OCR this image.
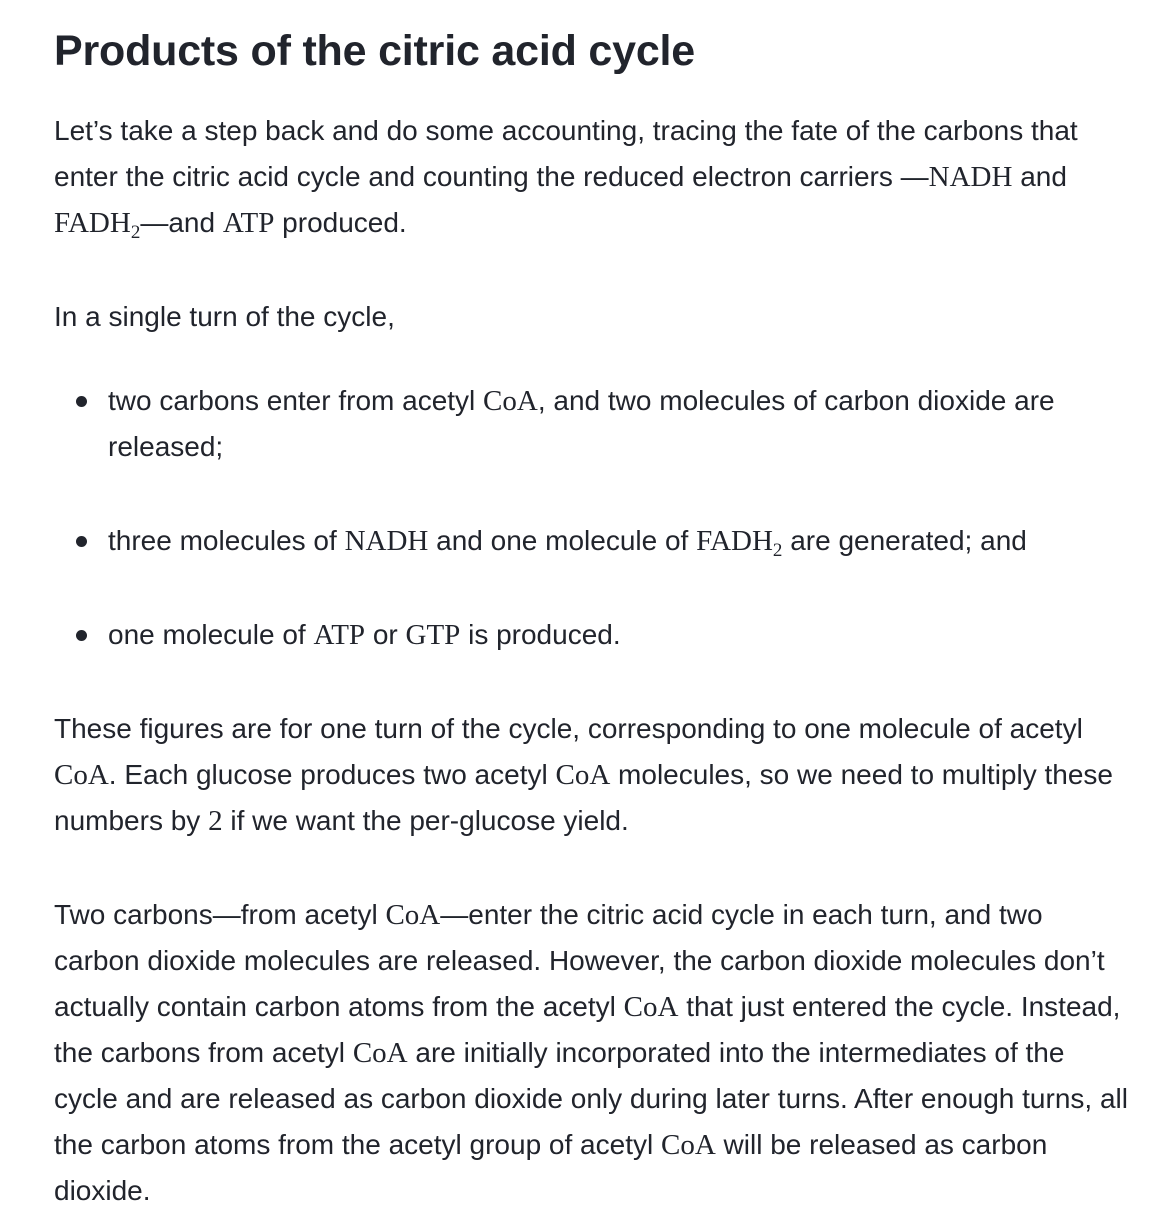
Products of the citric acid cycle

Let’s take a step back and do some accounting, tracing the fate of the carbons that enter the citric acid cycle and counting the reduced electron carriers —NADH and $FADH_2—and$ ATP produced.

In a single turn of the cycle,

two carbons enter from acetyl CoA, and two molecules of carbon dioxide are released;
three molecules of NADH and one molecule of $FADH_2$ are generated; and
one molecule of ATP or GTP is produced.

These figures are for one turn of the cycle, corresponding to one molecule of acetyl CoA. Each glucose produces two acetyl CoA molecules, so we need to multiply these numbers by 2 if we want the per-glucose yield.

Two carbons—from acetyl CoA—enter the citric acid cycle in each turn, and two carbon dioxide molecules are released. However, the carbon dioxide molecules don’t actually contain carbon atoms from the acetyl CoA that just entered the cycle. Instead, the carbons from acetyl CoA are initially incorporated into the intermediates of the cycle and are released as carbon dioxide only during later turns. After enough turns, all the carbon atoms from the acetyl group of acetyl CoA will be released as carbon dioxide.
